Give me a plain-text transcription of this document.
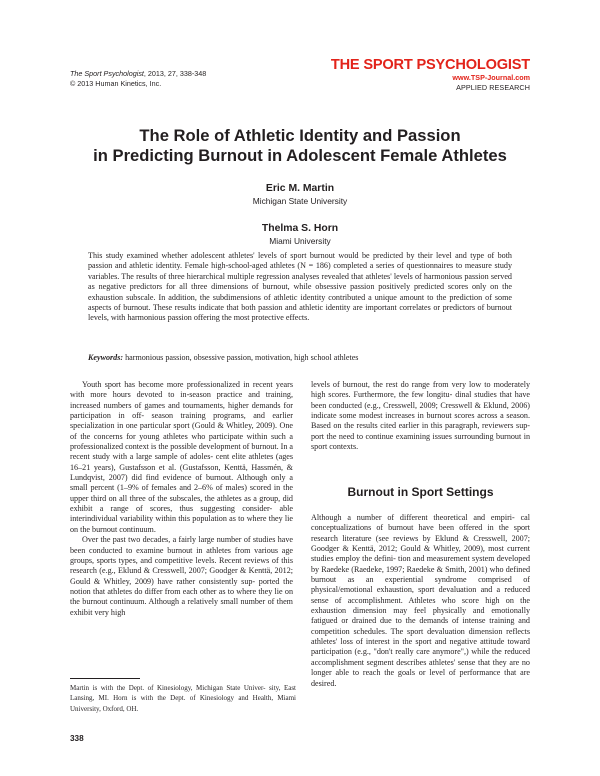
The Sport Psychologist, 2013, 27, 338-348
© 2013 Human Kinetics, Inc.
THE SPORT PSYCHOLOGIST
www.TSP-Journal.com
APPLIED RESEARCH
The Role of Athletic Identity and Passion
in Predicting Burnout in Adolescent Female Athletes
Eric M. Martin
Michigan State University
Thelma S. Horn
Miami University
This study examined whether adolescent athletes' levels of sport burnout would be predicted by their level and type of both passion and athletic identity. Female high-school-aged athletes (N = 186) completed a series of questionnaires to measure study variables. The results of three hierarchical multiple regression analyses revealed that athletes' levels of harmonious passion served as negative predictors for all three dimensions of burnout, while obsessive passion positively predicted scores only on the exhaustion subscale. In addition, the subdimensions of athletic identity contributed a unique amount to the prediction of some aspects of burnout. These results indicate that both passion and athletic identity are important correlates or predictors of burnout levels, with harmonious passion offering the most protective effects.
Keywords: harmonious passion, obsessive passion, motivation, high school athletes

Youth sport has become more professionalized in recent years with more hours devoted to in-season practice and training, increased numbers of games and tournaments, higher demands for participation in off- season training programs, and earlier specialization in one particular sport (Gould & Whitley, 2009). One of the concerns for young athletes who participate within such a professionalized context is the possible development of burnout. In a recent study with a large sample of adoles- cent elite athletes (ages 16–21 years), Gustafsson et al. (Gustafsson, Kenttä, Hassmén, & Lundqvist, 2007) did find evidence of burnout. Although only a small percent (1–9% of females and 2–6% of males) scored in the upper third on all three of the subscales, the athletes as a group, did exhibit a range of scores, thus suggesting consider- able interindividual variability within this population as to where they lie on the burnout continuum.

Over the past two decades, a fairly large number of studies have been conducted to examine burnout in athletes from various age groups, sports types, and competitive levels. Recent reviews of this research (e.g., Eklund & Cresswell, 2007; Goodger & Kenttä, 2012; Gould & Whitley, 2009) have rather consistently sup- ported the notion that athletes do differ from each other as to where they lie on the burnout continuum. Although a relatively small number of them exhibit very high

levels of burnout, the rest do range from very low to moderately high scores. Furthermore, the few longitu- dinal studies that have been conducted (e.g., Cresswell, 2009; Cresswell & Eklund, 2006) indicate some modest increases in burnout scores across a season. Based on the results cited earlier in this paragraph, reviewers sup- port the need to continue examining issues surrounding burnout in sport contexts.

Burnout in Sport Settings

Although a number of different theoretical and empiri- cal conceptualizations of burnout have been offered in the sport research literature (see reviews by Eklund & Cresswell, 2007; Goodger & Kenttä, 2012; Gould & Whitley, 2009), most current studies employ the defini- tion and measurement system developed by Raedeke (Raedeke, 1997; Raedeke & Smith, 2001) who defined burnout as an experiential syndrome comprised of physical/emotional exhaustion, sport devaluation and a reduced sense of accomplishment. Athletes who score high on the exhaustion dimension may feel physically and emotionally fatigued or drained due to the demands of intense training and competition schedules. The sport devaluation dimension reflects athletes' loss of interest in the sport and negative attitude toward participation (e.g., "don't really care anymore",) while the reduced accomplishment segment describes athletes' sense that they are no longer able to reach the goals or level of performance that are desired.

Martin is with the Dept. of Kinesiology, Michigan State Univer- sity, East Lansing, MI. Horn is with the Dept. of Kinesiology and Health, Miami University, Oxford, OH.
338
